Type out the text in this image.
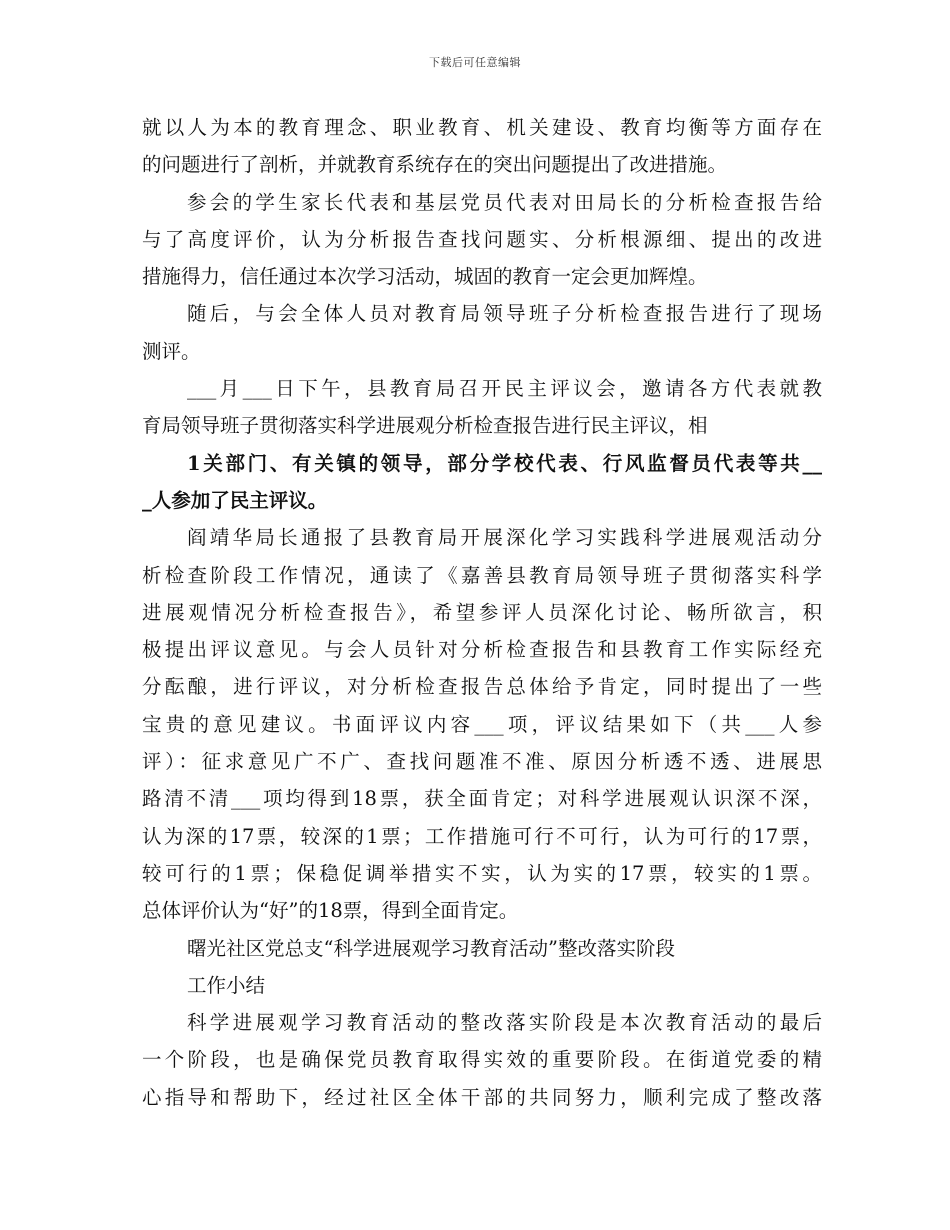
下载后可任意编辑
就以人为本的教育理念、职业教育、机关建设、教育均衡等方面存在
的问题进行了剖析，并就教育系统存在的突出问题提出了改进措施。
参会的学生家长代表和基层党员代表对田局长的分析检查报告给
与了高度评价，认为分析报告查找问题实、分析根源细、提出的改进
措施得力，信任通过本次学习活动，城固的教育一定会更加辉煌。
随后，与会全体人员对教育局领导班子分析检查报告进行了现场
测评。
___月___日下午，县教育局召开民主评议会，邀请各方代表就教
育局领导班子贯彻落实科学进展观分析检查报告进行民主评议，相
1关部门、有关镇的领导，部分学校代表、行风监督员代表等共__
_人参加了民主评议。
阎靖华局长通报了县教育局开展深化学习实践科学进展观活动分
析检查阶段工作情况，通读了《嘉善县教育局领导班子贯彻落实科学
进展观情况分析检查报告》，希望参评人员深化讨论、畅所欲言，积
极提出评议意见。与会人员针对分析检查报告和县教育工作实际经充
分酝酿，进行评议，对分析检查报告总体给予肯定，同时提出了一些
宝贵的意见建议。书面评议内容___项，评议结果如下（共___人参
评）：征求意见广不广、查找问题准不准、原因分析透不透、进展思
路清不清___项均得到18票，获全面肯定；对科学进展观认识深不深，
认为深的17票，较深的1票；工作措施可行不可行，认为可行的17票，
较可行的1票；保稳促调举措实不实，认为实的17票，较实的1票。
总体评价认为“好”的18票，得到全面肯定。
曙光社区党总支“科学进展观学习教育活动”整改落实阶段
工作小结
科学进展观学习教育活动的整改落实阶段是本次教育活动的最后
一个阶段，也是确保党员教育取得实效的重要阶段。在街道党委的精
心指导和帮助下，经过社区全体干部的共同努力，顺利完成了整改落
